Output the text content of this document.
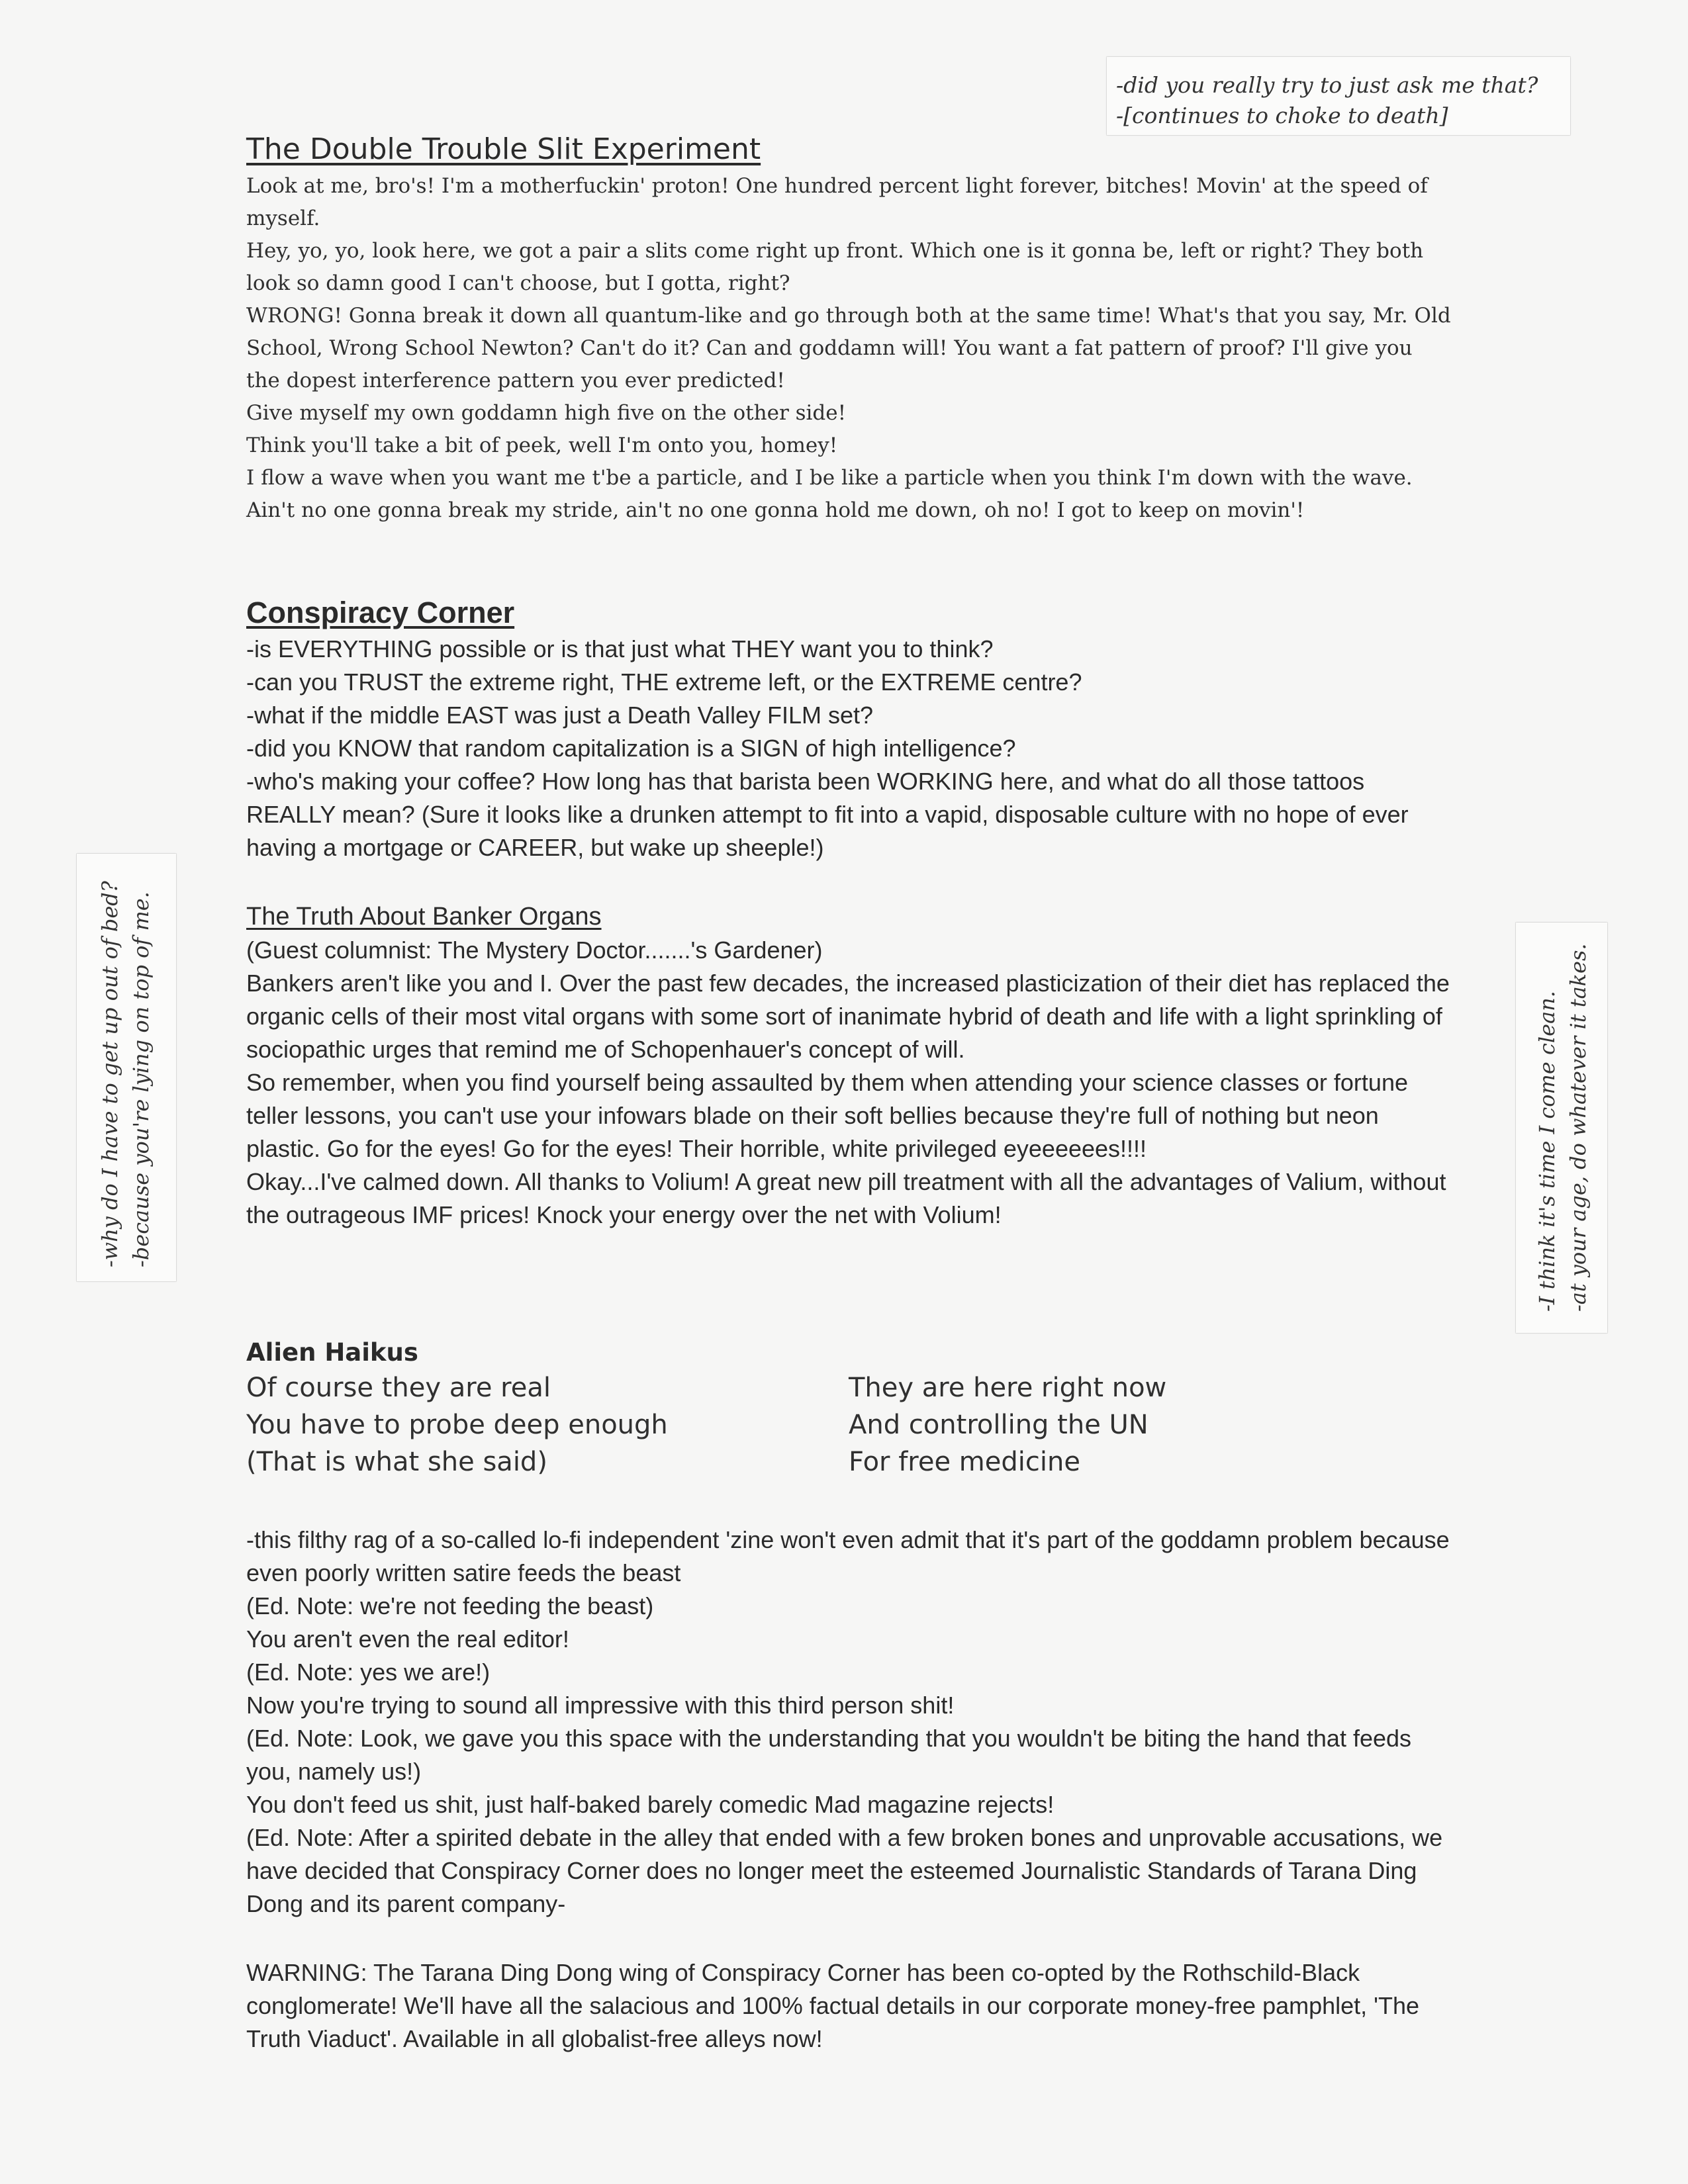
-did you really try to just ask me that?

-[continues to choke to death]

-why do I have to get up out of bed? -because you're lying on top of me.	-I think it's time I come clean. -at your age, do whatever it takes.

The Double Trouble Slit Experiment

Look at me, bro's! I'm a motherfuckin' proton! One hundred percent light forever, bitches! Movin' at the speed of myself.

Hey, yo, yo, look here, we got a pair a slits come right up front. Which one is it gonna be, left or right? They both look so damn good I can't choose, but I gotta, right?

WRONG! Gonna break it down all quantum-like and go through both at the same time! What's that you say, Mr. Old School, Wrong School Newton? Can't do it? Can and goddamn will! You want a fat pattern of proof? I'll give you the dopest interference pattern you ever predicted!

Give myself my own goddamn high five on the other side!

Think you'll take a bit of peek, well I'm onto you, homey!

I flow a wave when you want me t'be a particle, and I be like a particle when you think I'm down with the wave.

Ain't no one gonna break my stride, ain't no one gonna hold me down, oh no! I got to keep on movin'!

Conspiracy Corner

-is EVERYTHING possible or is that just what THEY want you to think?

-can you TRUST the extreme right, THE extreme left, or the EXTREME centre?

-what if the middle EAST was just a Death Valley FILM set?

-did you KNOW that random capitalization is a SIGN of high intelligence?

-who's making your coffee? How long has that barista been WORKING here, and what do all those tattoos REALLY mean? (Sure it looks like a drunken attempt to fit into a vapid, disposable culture with no hope of ever having a mortgage or CAREER, but wake up sheeple!)

The Truth About Banker Organs

(Guest columnist: The Mystery Doctor.......'s Gardener)

Bankers aren't like you and I. Over the past few decades, the increased plasticization of their diet has replaced the organic cells of their most vital organs with some sort of inanimate hybrid of death and life with a light sprinkling of sociopathic urges that remind me of Schopenhauer's concept of will.

So remember, when you find yourself being assaulted by them when attending your science classes or fortune teller lessons, you can't use your infowars blade on their soft bellies because they're full of nothing but neon plastic. Go for the eyes! Go for the eyes! Their horrible, white privileged eyeeeeees!!!!

Okay...I've calmed down. All thanks to Volium! A great new pill treatment with all the advantages of Valium, without the outrageous IMF prices! Knock your energy over the net with Volium!

Alien Haikus

Of course they are real

You have to probe deep enough

(That is what she said)

They are here right now

And controlling the UN

For free medicine

-this filthy rag of a so-called lo-fi independent 'zine won't even admit that it's part of the goddamn problem because even poorly written satire feeds the beast

(Ed. Note: we're not feeding the beast)

You aren't even the real editor!

(Ed. Note: yes we are!)

Now you're trying to sound all impressive with this third person shit!

(Ed. Note: Look, we gave you this space with the understanding that you wouldn't be biting the hand that feeds you, namely us!)

You don't feed us shit, just half-baked barely comedic Mad magazine rejects!

(Ed. Note: After a spirited debate in the alley that ended with a few broken bones and unprovable accusations, we have decided that Conspiracy Corner does no longer meet the esteemed Journalistic Standards of Tarana Ding Dong and its parent company-

WARNING: The Tarana Ding Dong wing of Conspiracy Corner has been co-opted by the Rothschild-Black conglomerate! We'll have all the salacious and 100% factual details in our corporate money-free pamphlet, 'The Truth Viaduct'. Available in all globalist-free alleys now!
